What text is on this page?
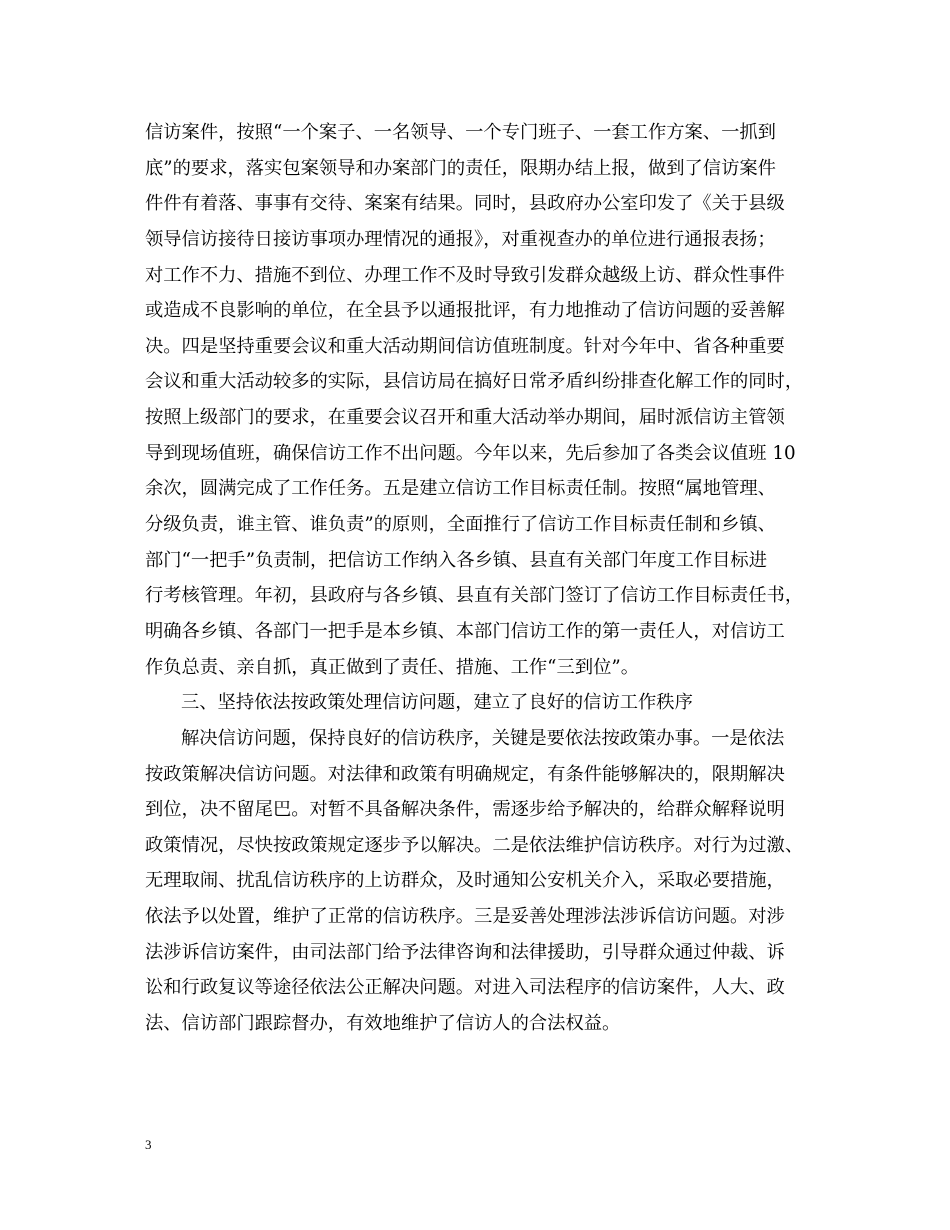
信访案件，按照“一个案子、一名领导、一个专门班子、一套工作方案、一抓到
底”的要求，落实包案领导和办案部门的责任，限期办结上报，做到了信访案件
件件有着落、事事有交待、案案有结果。同时，县政府办公室印发了《关于县级
领导信访接待日接访事项办理情况的通报》，对重视查办的单位进行通报表扬；
对工作不力、措施不到位、办理工作不及时导致引发群众越级上访、群众性事件
或造成不良影响的单位，在全县予以通报批评，有力地推动了信访问题的妥善解
决。四是坚持重要会议和重大活动期间信访值班制度。针对今年中、省各种重要
会议和重大活动较多的实际，县信访局在搞好日常矛盾纠纷排查化解工作的同时，
按照上级部门的要求，在重要会议召开和重大活动举办期间，届时派信访主管领
导到现场值班，确保信访工作不出问题。今年以来，先后参加了各类会议值班 10
余次，圆满完成了工作任务。五是建立信访工作目标责任制。按照“属地管理、
分级负责，谁主管、谁负责”的原则，全面推行了信访工作目标责任制和乡镇、
部门“一把手”负责制，把信访工作纳入各乡镇、县直有关部门年度工作目标进
行考核管理。年初，县政府与各乡镇、县直有关部门签订了信访工作目标责任书，
明确各乡镇、各部门一把手是本乡镇、本部门信访工作的第一责任人，对信访工
作负总责、亲自抓，真正做到了责任、措施、工作“三到位”。
三、坚持依法按政策处理信访问题，建立了良好的信访工作秩序
解决信访问题，保持良好的信访秩序，关键是要依法按政策办事。一是依法
按政策解决信访问题。对法律和政策有明确规定，有条件能够解决的，限期解决
到位，决不留尾巴。对暂不具备解决条件，需逐步给予解决的，给群众解释说明
政策情况，尽快按政策规定逐步予以解决。二是依法维护信访秩序。对行为过激、
无理取闹、扰乱信访秩序的上访群众，及时通知公安机关介入，采取必要措施，
依法予以处置，维护了正常的信访秩序。三是妥善处理涉法涉诉信访问题。对涉
法涉诉信访案件，由司法部门给予法律咨询和法律援助，引导群众通过仲裁、诉
讼和行政复议等途径依法公正解决问题。对进入司法程序的信访案件，人大、政
法、信访部门跟踪督办，有效地维护了信访人的合法权益。
3
